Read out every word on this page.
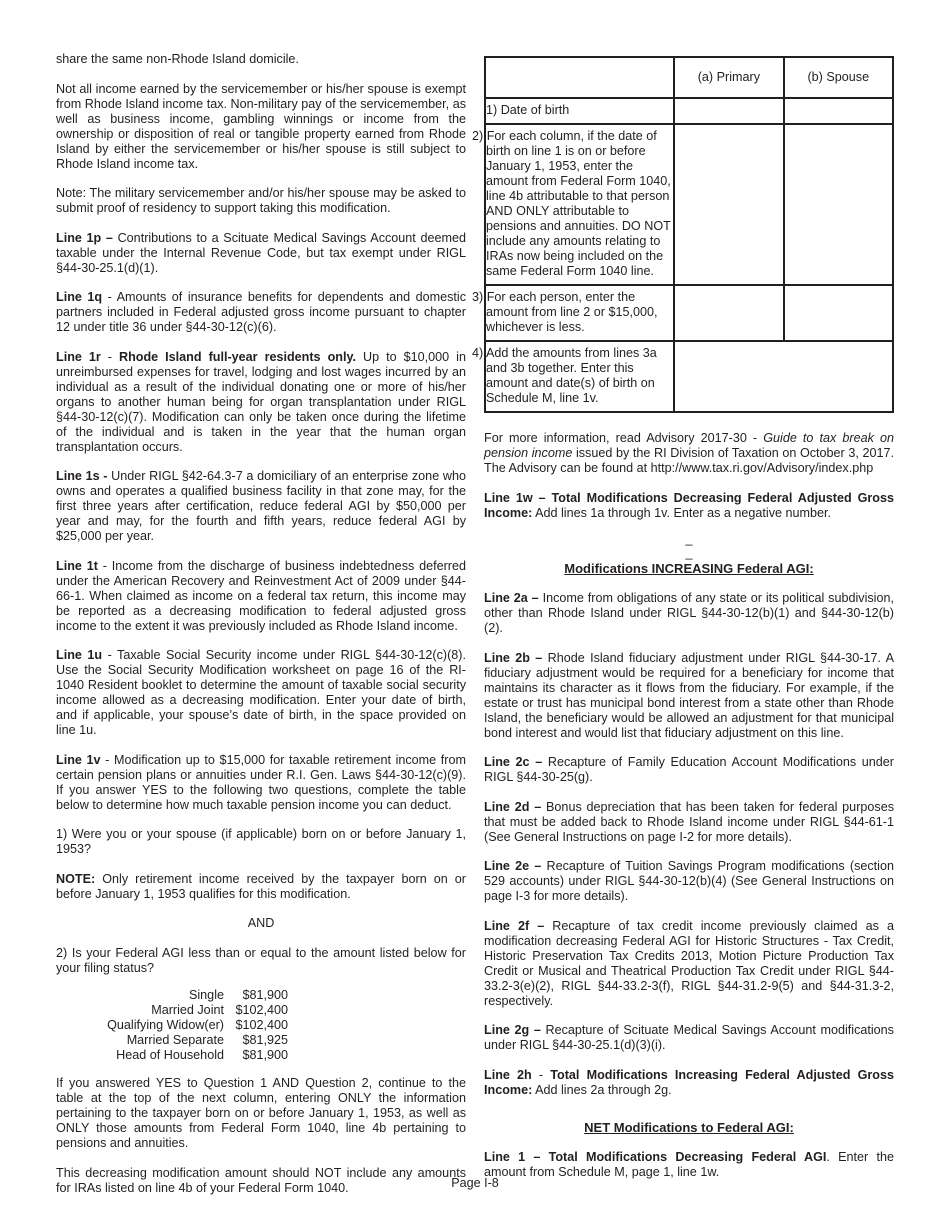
share the same non-Rhode Island domicile.

Not all income earned by the servicemember or his/her spouse is exempt from Rhode Island income tax. Non-military pay of the servicemember, as well as business income, gambling winnings or income from the ownership or disposition of real or tangible property earned from Rhode Island by either the servicemember or his/her spouse is still subject to Rhode Island income tax.

Note: The military servicemember and/or his/her spouse may be asked to submit proof of residency to support taking this modification.

Line 1p – Contributions to a Scituate Medical Savings Account deemed taxable under the Internal Revenue Code, but tax exempt under RIGL §44-30-25.1(d)(1).

Line 1q - Amounts of insurance benefits for dependents and domestic partners included in Federal adjusted gross income pursuant to chapter 12 under title 36 under §44-30-12(c)(6).

Line 1r - Rhode Island full-year residents only. Up to $10,000 in unreimbursed expenses for travel, lodging and lost wages incurred by an individual as a result of the individual donating one or more of his/her organs to another human being for organ transplantation under RIGL §44-30-12(c)(7). Modification can only be taken once during the lifetime of the individual and is taken in the year that the human organ transplantation occurs.

Line 1s - Under RIGL §42-64.3-7 a domiciliary of an enterprise zone who owns and operates a qualified business facility in that zone may, for the first three years after certification, reduce federal AGI by $50,000 per year and may, for the fourth and fifth years, reduce federal AGI by $25,000 per year.

Line 1t - Income from the discharge of business indebtedness deferred under the American Recovery and Reinvestment Act of 2009 under §44-66-1. When claimed as income on a federal tax return, this income may be reported as a decreasing modification to federal adjusted gross income to the extent it was previously included as Rhode Island income.

Line 1u - Taxable Social Security income under RIGL §44-30-12(c)(8). Use the Social Security Modification worksheet on page 16 of the RI-1040 Resident booklet to determine the amount of taxable social security income allowed as a decreasing modification. Enter your date of birth, and if applicable, your spouse’s date of birth, in the space provided on line 1u.

Line 1v - Modification up to $15,000 for taxable retirement income from certain pension plans or annuities under R.I. Gen. Laws §44-30-12(c)(9). If you answer YES to the following two questions, complete the table below to determine how much taxable pension income you can deduct.

1) Were you or your spouse (if applicable) born on or before January 1, 1953?

NOTE: Only retirement income received by the taxpayer born on or before January 1, 1953 qualifies for this modification.

AND

2) Is your Federal AGI less than or equal to the amount listed below for your filing status?

Single	$81,900
Married Joint	$102,400
Qualifying Widow(er)	$102,400
Married Separate	$81,925
Head of Household	$81,900

If you answered YES to Question 1 AND Question 2, continue to the table at the top of the next column, entering ONLY the information pertaining to the taxpayer born on or before January 1, 1953, as well as ONLY those amounts from Federal Form 1040, line 4b pertaining to pensions and annuities.

This decreasing modification amount should NOT include any amounts for IRAs listed on line 4b of your Federal Form 1040.

	(a) Primary	(b) Spouse
1) Date of birth		
2) For each column, if the date of birth on line 1 is on or before January 1, 1953, enter the amount from Federal Form 1040, line 4b attributable to that person AND ONLY attributable to pensions and annuities. DO NOT include any amounts relating to IRAs now being included on the same Federal Form 1040 line.		
3) For each person, enter the amount from line 2 or $15,000, whichever is less.		
4) Add the amounts from lines 3a and 3b together. Enter this amount and date(s) of birth on Schedule M, line 1v.		

For more information, read Advisory 2017-30 - Guide to tax break on pension income issued by the RI Division of Taxation on October 3, 2017. The Advisory can be found at http://www.tax.ri.gov/Advisory/index.php

Line 1w – Total Modifications Decreasing Federal Adjusted Gross Income: Add lines 1a through 1v. Enter as a negative number.

_
_
Modifications INCREASING Federal AGI:

Line 2a – Income from obligations of any state or its political subdivision, other than Rhode Island under RIGL §44-30-12(b)(1) and §44-30-12(b)(2).

Line 2b – Rhode Island fiduciary adjustment under RIGL §44-30-17. A fiduciary adjustment would be required for a beneficiary for income that maintains its character as it flows from the fiduciary. For example, if the estate or trust has municipal bond interest from a state other than Rhode Island, the beneficiary would be allowed an adjustment for that municipal bond interest and would list that fiduciary adjustment on this line.

Line 2c – Recapture of Family Education Account Modifications under RIGL §44-30-25(g).

Line 2d – Bonus depreciation that has been taken for federal purposes that must be added back to Rhode Island income under RIGL §44-61-1 (See General Instructions on page I-2 for more details).

Line 2e – Recapture of Tuition Savings Program modifications (section 529 accounts) under RIGL §44-30-12(b)(4) (See General Instructions on page I-3 for more details).

Line 2f – Recapture of tax credit income previously claimed as a modification decreasing Federal AGI for Historic Structures - Tax Credit, Historic Preservation Tax Credits 2013, Motion Picture Production Tax Credit or Musical and Theatrical Production Tax Credit under RIGL §44-33.2-3(e)(2), RIGL §44-33.2-3(f), RIGL §44-31.2-9(5) and §44-31.3-2, respectively.

Line 2g – Recapture of Scituate Medical Savings Account modifications under RIGL §44-30-25.1(d)(3)(i).

Line 2h - Total Modifications Increasing Federal Adjusted Gross Income: Add lines 2a through 2g.

NET Modifications to Federal AGI:

Line 1 – Total Modifications Decreasing Federal AGI. Enter the amount from Schedule M, page 1, line 1w.

Page I-8
